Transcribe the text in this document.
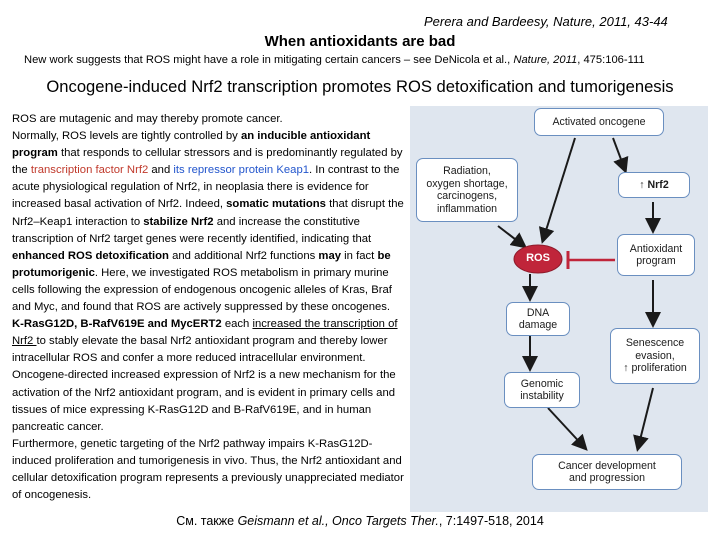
Perera and Bardeesy, Nature, 2011, 43-44
When antioxidants are bad
New work suggests that ROS might have a role in mitigating certain cancers – see DeNicola et al., Nature, 2011, 475:106-111
Oncogene-induced Nrf2 transcription promotes ROS detoxification and tumorigenesis

ROS are mutagenic and may thereby promote cancer.

Normally, ROS levels are tightly controlled by an inducible antioxidant program that responds to cellular stressors and is predominantly regulated by the transcription factor Nrf2 and its repressor protein Keap1. In contrast to the acute physiological regulation of Nrf2, in neoplasia there is evidence for increased basal activation of Nrf2. Indeed, somatic mutations that disrupt the Nrf2–Keap1 interaction to stabilize Nrf2 and increase the constitutive transcription of Nrf2 target genes were recently identified, indicating that enhanced ROS detoxification and additional Nrf2 functions may in fact be protumorigenic. Here, we investigated ROS metabolism in primary murine cells following the expression of endogenous oncogenic alleles of Kras, Braf and Myc, and found that ROS are actively suppressed by these oncogenes. K-RasG12D, B-RafV619E and MycERT2 each increased the transcription of Nrf2 to stably elevate the basal Nrf2 antioxidant program and thereby lower intracellular ROS and confer a more reduced intracellular environment. Oncogene-directed increased expression of Nrf2 is a new mechanism for the activation of the Nrf2 antioxidant program, and is evident in primary cells and tissues of mice expressing K-RasG12D and B-RafV619E, and in human pancreatic cancer.

Furthermore, genetic targeting of the Nrf2 pathway impairs K-RasG12D-induced proliferation and tumorigenesis in vivo. Thus, the Nrf2 antioxidant and cellular detoxification program represents a previously unappreciated mediator of oncogenesis.

Activated oncogene
Radiation,
oxygen shortage,
carcinogens,
inflammation
↑ Nrf2
ROS
Antioxidant
program
DNA
damage
Senescence
evasion,
↑ proliferation
Genomic
instability
Cancer development
and progression
См. также Geismann et al., Onco Targets Ther., 7:1497-518, 2014
